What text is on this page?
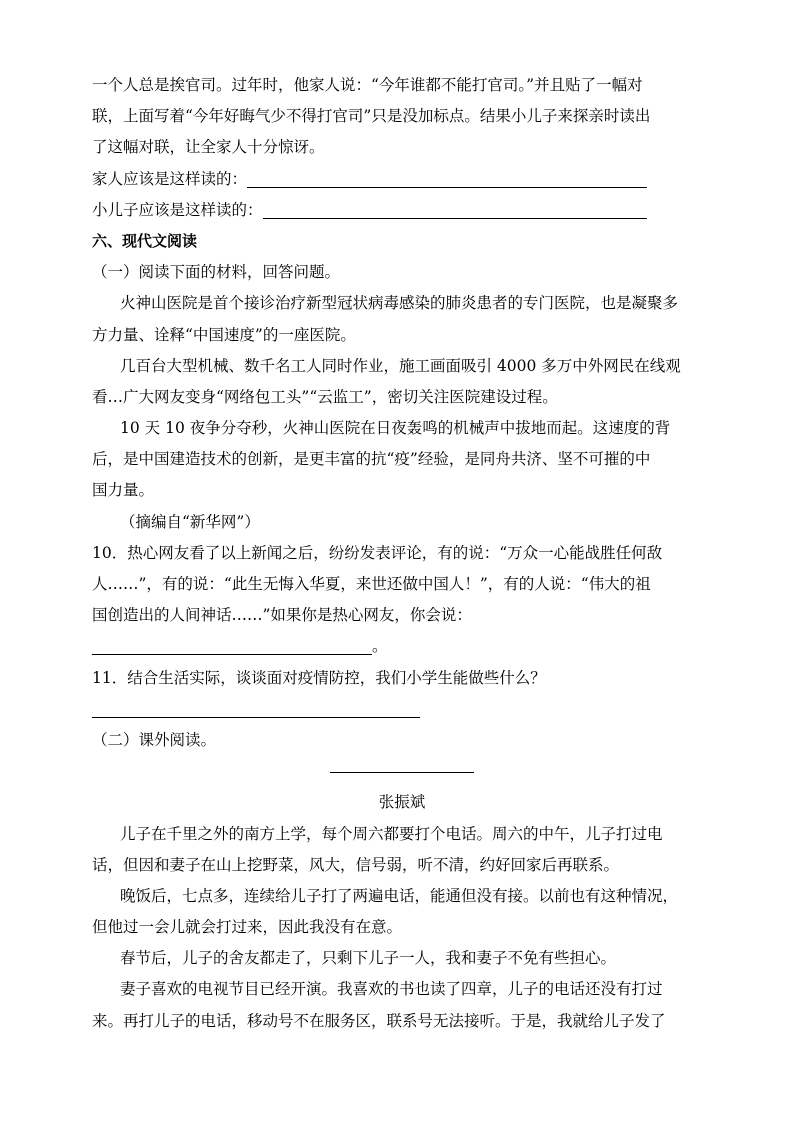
一个人总是挨官司。过年时，他家人说：“今年谁都不能打官司。”并且贴了一幅对
联，上面写着“今年好晦气少不得打官司”只是没加标点。结果小儿子来探亲时读出
了这幅对联，让全家人十分惊讶。
家人应该是这样读的：
小儿子应该是这样读的：
六、现代文阅读
（一）阅读下面的材料，回答问题。
火神山医院是首个接诊治疗新型冠状病毒感染的肺炎患者的专门医院，也是凝聚多
方力量、诠释“中国速度”的一座医院。
几百台大型机械、数千名工人同时作业，施工画面吸引 4000 多万中外网民在线观
看…广大网友变身“网络包工头”“云监工”，密切关注医院建设过程。
10 天 10 夜争分夺秒，火神山医院在日夜轰鸣的机械声中拔地而起。这速度的背
后，是中国建造技术的创新，是更丰富的抗“疫”经验，是同舟共济、坚不可摧的中
国力量。
（摘编自“新华网”）
10．热心网友看了以上新闻之后，纷纷发表评论，有的说：“万众一心能战胜任何敌
人……”，有的说：“此生无悔入华夏，来世还做中国人！”，有的人说：“伟大的祖
国创造出的人间神话……”如果你是热心网友，你会说：
。
11．结合生活实际，谈谈面对疫情防控，我们小学生能做些什么？
（二）课外阅读。
张振斌
儿子在千里之外的南方上学，每个周六都要打个电话。周六的中午，儿子打过电
话，但因和妻子在山上挖野菜，风大，信号弱，听不清，约好回家后再联系。
晚饭后，七点多，连续给儿子打了两遍电话，能通但没有接。以前也有这种情况，
但他过一会儿就会打过来，因此我没有在意。
春节后，儿子的舍友都走了，只剩下儿子一人，我和妻子不免有些担心。
妻子喜欢的电视节目已经开演。我喜欢的书也读了四章，儿子的电话还没有打过
来。再打儿子的电话，移动号不在服务区，联系号无法接听。于是，我就给儿子发了
